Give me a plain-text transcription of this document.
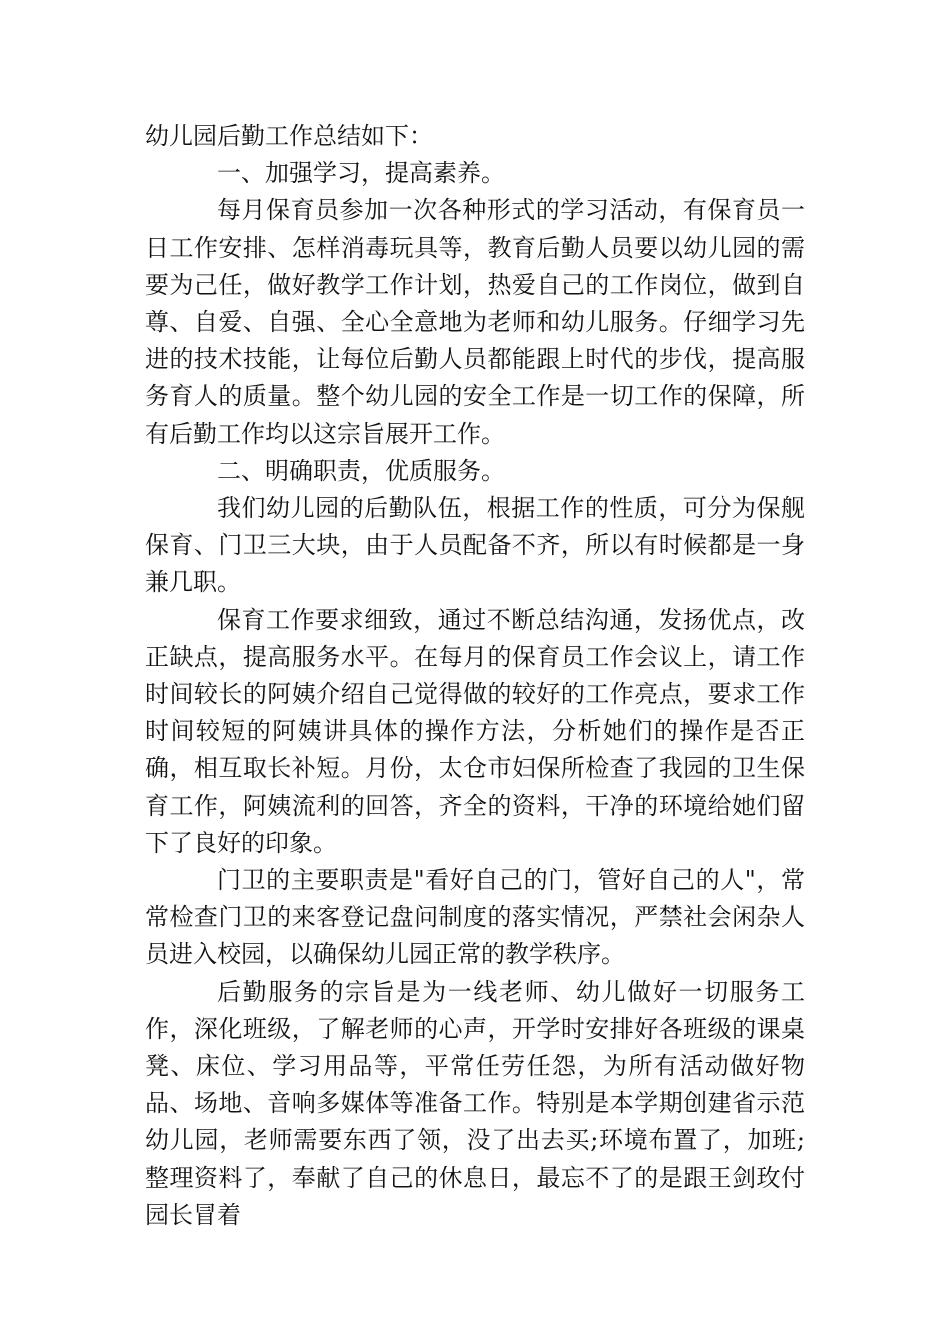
幼儿园后勤工作总结如下：

一、加强学习，提高素养。

每月保育员参加一次各种形式的学习活动，有保育员一日工作安排、怎样消毒玩具等，教育后勤人员要以幼儿园的需要为己任，做好教学工作计划，热爱自己的工作岗位，做到自尊、自爱、自强、全心全意地为老师和幼儿服务。仔细学习先进的技术技能，让每位后勤人员都能跟上时代的步伐，提高服务育人的质量。整个幼儿园的安全工作是一切工作的保障，所有后勤工作均以这宗旨展开工作。

二、明确职责，优质服务。

我们幼儿园的后勤队伍，根据工作的性质，可分为保舰保育、门卫三大块，由于人员配备不齐，所以有时候都是一身兼几职。

保育工作要求细致，通过不断总结沟通，发扬优点，改正缺点，提高服务水平。在每月的保育员工作会议上，请工作时间较长的阿姨介绍自己觉得做的较好的工作亮点，要求工作时间较短的阿姨讲具体的操作方法，分析她们的操作是否正确，相互取长补短。月份，太仓市妇保所检查了我园的卫生保育工作，阿姨流利的回答，齐全的资料，干净的环境给她们留下了良好的印象。

门卫的主要职责是"看好自己的门，管好自己的人"，常常检查门卫的来客登记盘问制度的落实情况，严禁社会闲杂人员进入校园，以确保幼儿园正常的教学秩序。

后勤服务的宗旨是为一线老师、幼儿做好一切服务工作，深化班级，了解老师的心声，开学时安排好各班级的课桌凳、床位、学习用品等，平常任劳任怨，为所有活动做好物品、场地、音响多媒体等准备工作。特别是本学期创建省示范幼儿园，老师需要东西了领，没了出去买;环境布置了，加班;整理资料了，奉献了自己的休息日，最忘不了的是跟王剑玫付园长冒着
